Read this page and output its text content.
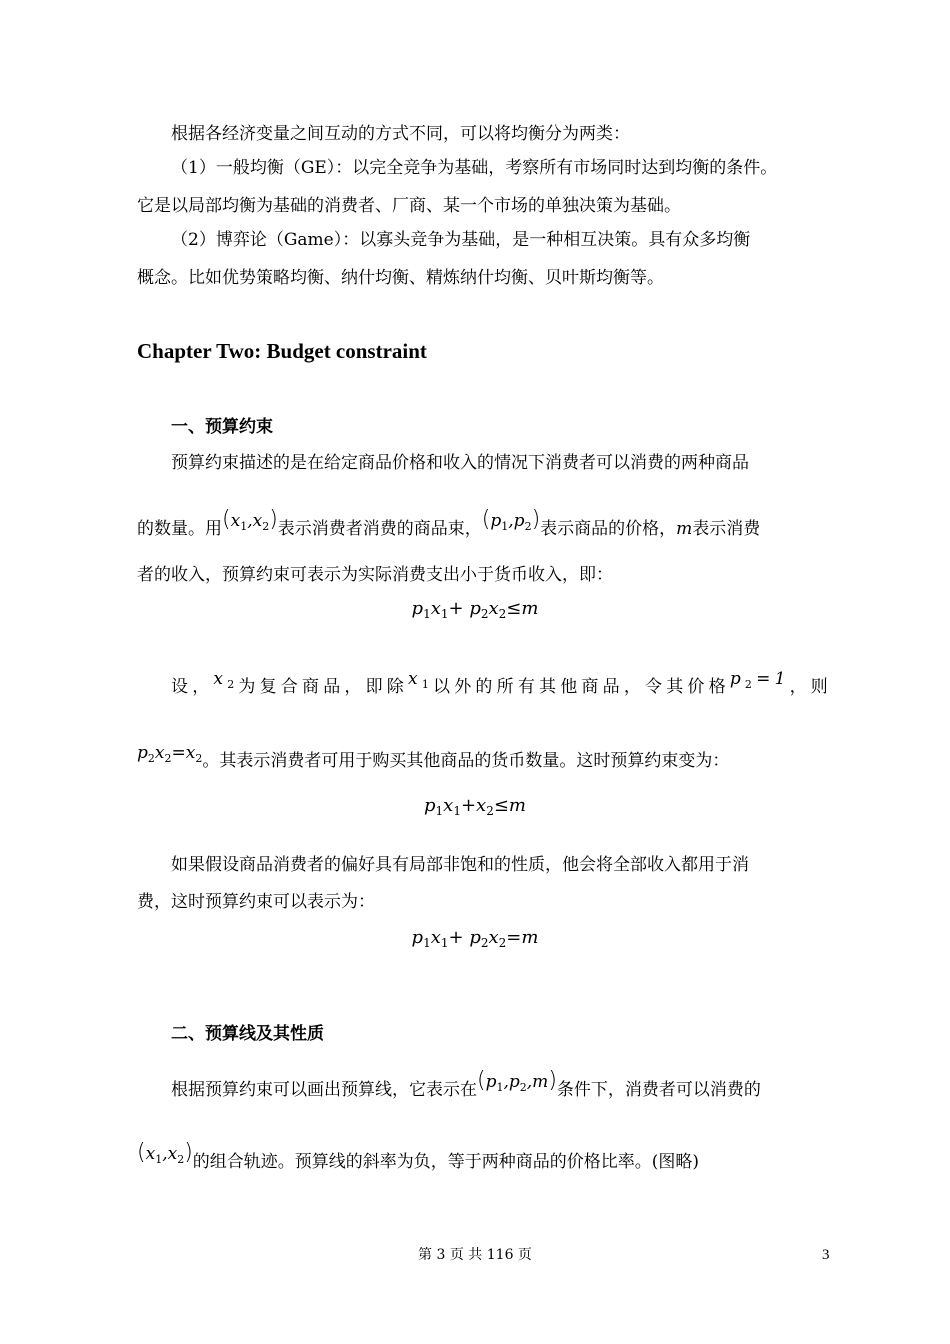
根据各经济变量之间互动的方式不同，可以将均衡分为两类：
（1）一般均衡（GE）：以完全竞争为基础，考察所有市场同时达到均衡的条件。
它是以局部均衡为基础的消费者、厂商、某一个市场的单独决策为基础。
（2）博弈论（Game）：以寡头竞争为基础，是一种相互决策。具有众多均衡
概念。比如优势策略均衡、纳什均衡、精炼纳什均衡、贝叶斯均衡等。
Chapter Two: Budget constraint
一、预算约束
预算约束描述的是在给定商品价格和收入的情况下消费者可以消费的两种商品
的数量。用$(x_1,x_2)$表示消费者消费的商品束，$(p_1,p_2)$表示商品的价格，m表示消费
者的收入，预算约束可表示为实际消费支出小于货币收入，即：
$p_1x_1+ p_2x_2\le m$
设，$x_2$为复合商品，即除$x_1$以外的所有其他商品，令其价格$p_2=1$，则
$p_2x_2=x_2$。其表示消费者可用于购买其他商品的货币数量。这时预算约束变为：
$p_1x_1+x_2\le m$
如果假设商品消费者的偏好具有局部非饱和的性质，他会将全部收入都用于消
费，这时预算约束可以表示为：
$p_1x_1+ p_2x_2=m$
二、预算线及其性质
根据预算约束可以画出预算线，它表示在$(p_1,p_2,m)$条件下，消费者可以消费的
$(x_1,x_2)$的组合轨迹。预算线的斜率为负，等于两种商品的价格比率。(图略)
第 3 页 共 116 页	3
